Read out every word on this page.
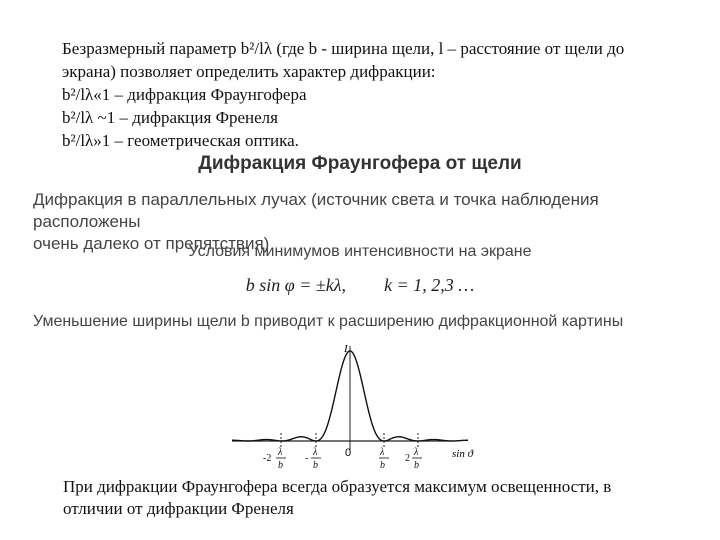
Безразмерный параметр b²/lλ (где b - ширина щели, l – расстояние от щели до
экрана) позволяет определить характер дифракции:
b²/lλ«1 – дифракция Фраунгофера
b²/lλ ~1 – дифракция Френеля
b²/lλ»1 – геометрическая оптика.
Дифракция Фраунгофера от щели
Дифракция в параллельных лучах (источник света и точка наблюдения расположены
очень далеко от препятствия)
Условия минимумов интенсивности на экране
b sin φ = ±kλ, k = 1, 2,3 …
Уменьшение ширины щели b приводит к расширению дифракционной картины
I
0	sin ϑ
-2
λ
b
-
λ
b
λ
b
2
λ
b
При дифракции Фраунгофера всегда образуется максимум освещенности, в
отличии от дифракции Френеля
